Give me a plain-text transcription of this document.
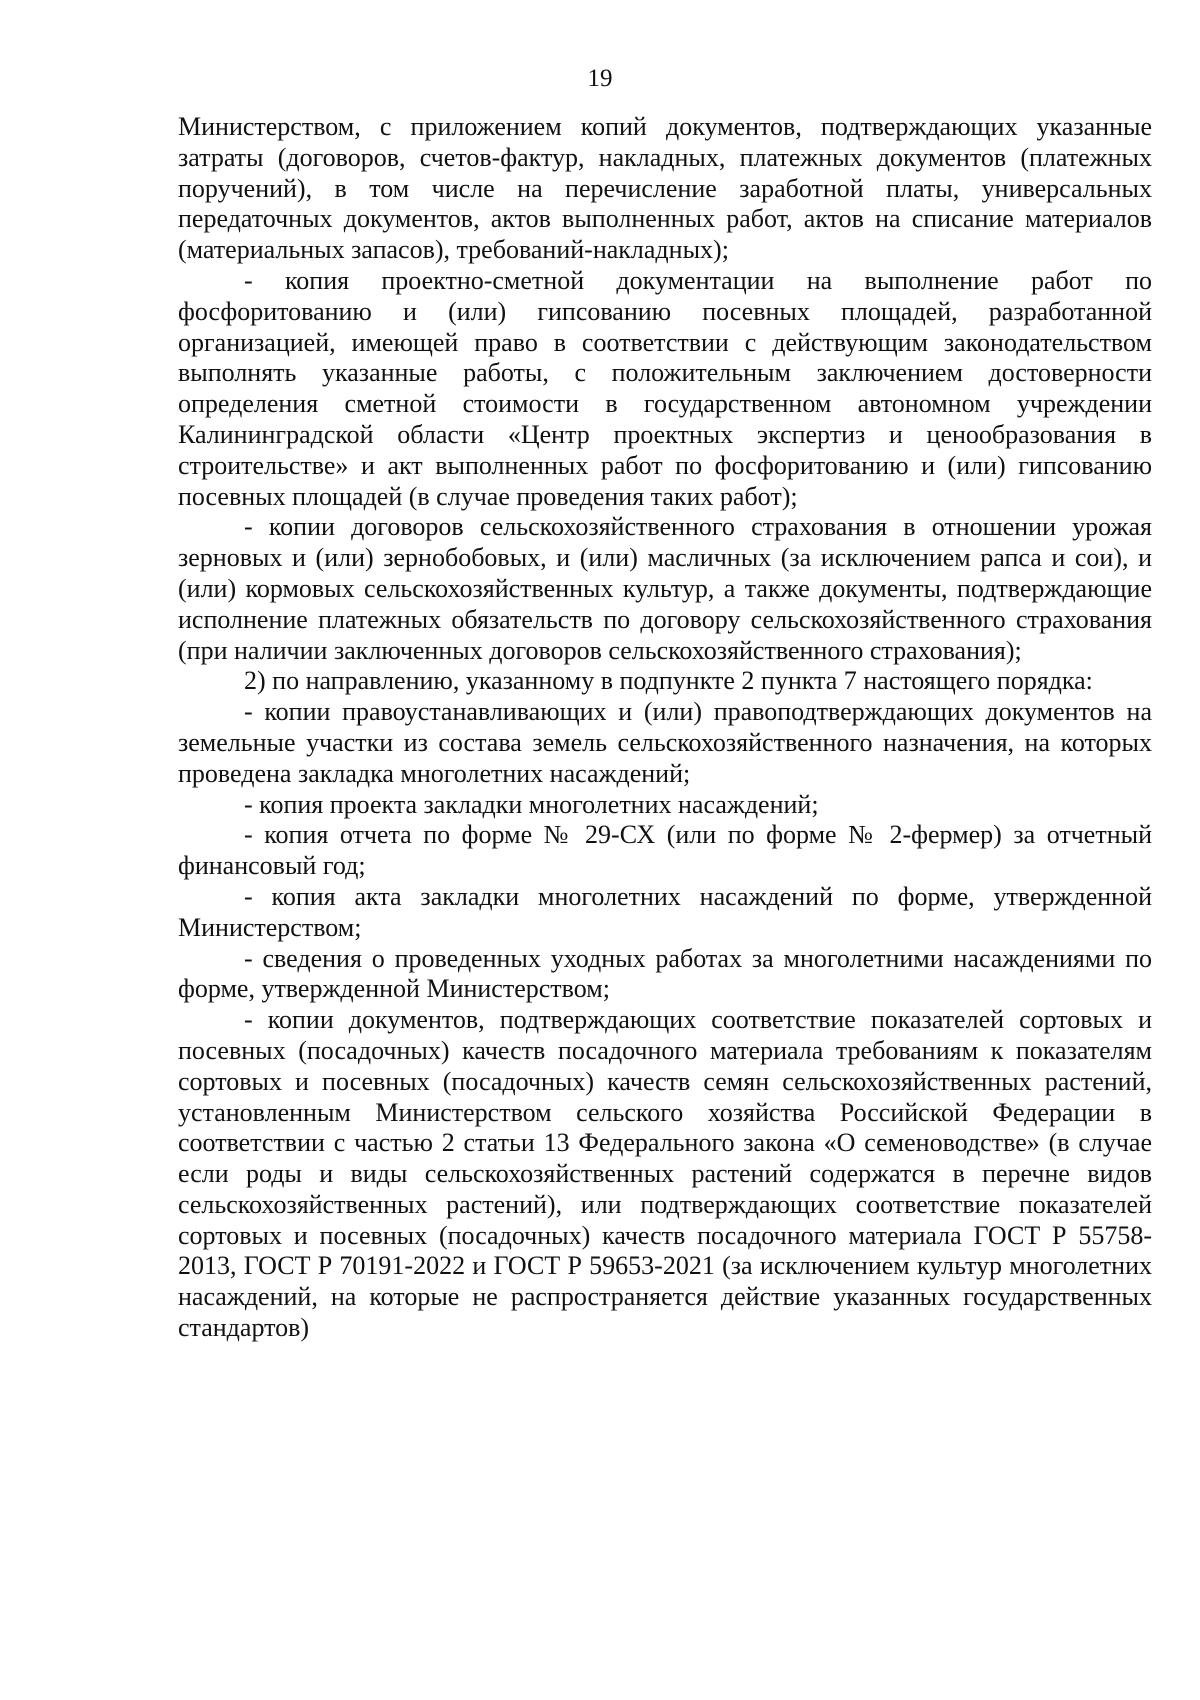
19

Министерством, с приложением копий документов, подтверждающих указанные затраты (договоров, счетов-фактур, накладных, платежных документов (платежных поручений), в том числе на перечисление заработной платы, универсальных передаточных документов, актов выполненных работ, актов на списание материалов (материальных запасов), требований-накладных);

- копия проектно-сметной документации на выполнение работ по фосфоритованию и (или) гипсованию посевных площадей, разработанной организацией, имеющей право в соответствии с действующим законодательством выполнять указанные работы, с положительным заключением достоверности определения сметной стоимости в государственном автономном учреждении Калининградской области «Центр проектных экспертиз и ценообразования в строительстве» и акт выполненных работ по фосфоритованию и (или) гипсованию посевных площадей (в случае проведения таких работ);

- копии договоров сельскохозяйственного страхования в отношении урожая зерновых и (или) зернобобовых, и (или) масличных (за исключением рапса и сои), и (или) кормовых сельскохозяйственных культур, а также документы, подтверждающие исполнение платежных обязательств по договору сельскохозяйственного страхования (при наличии заключенных договоров сельскохозяйственного страхования);

2) по направлению, указанному в подпункте 2 пункта 7 настоящего порядка:

- копии правоустанавливающих и (или) правоподтверждающих документов на земельные участки из состава земель сельскохозяйственного назначения, на которых проведена закладка многолетних насаждений;

- копия проекта закладки многолетних насаждений;

- копия отчета по форме № 29-СХ (или по форме № 2-фермер) за отчетный финансовый год;

- копия акта закладки многолетних насаждений по форме, утвержденной Министерством;

- сведения о проведенных уходных работах за многолетними насаждениями по форме, утвержденной Министерством;

- копии документов, подтверждающих соответствие показателей сортовых и посевных (посадочных) качеств посадочного материала требованиям к показателям сортовых и посевных (посадочных) качеств семян сельскохозяйственных растений, установленным Министерством сельского хозяйства Российской Федерации в соответствии с частью 2 статьи 13 Федерального закона «О семеноводстве» (в случае если роды и виды сельскохозяйственных растений содержатся в перечне видов сельскохозяйственных растений), или подтверждающих соответствие показателей сортовых и посевных (посадочных) качеств посадочного материала ГОСТ Р 55758-2013, ГОСТ Р 70191-2022 и ГОСТ Р 59653-2021 (за исключением культур многолетних насаждений, на которые не распространяется действие указанных государственных стандартов)
